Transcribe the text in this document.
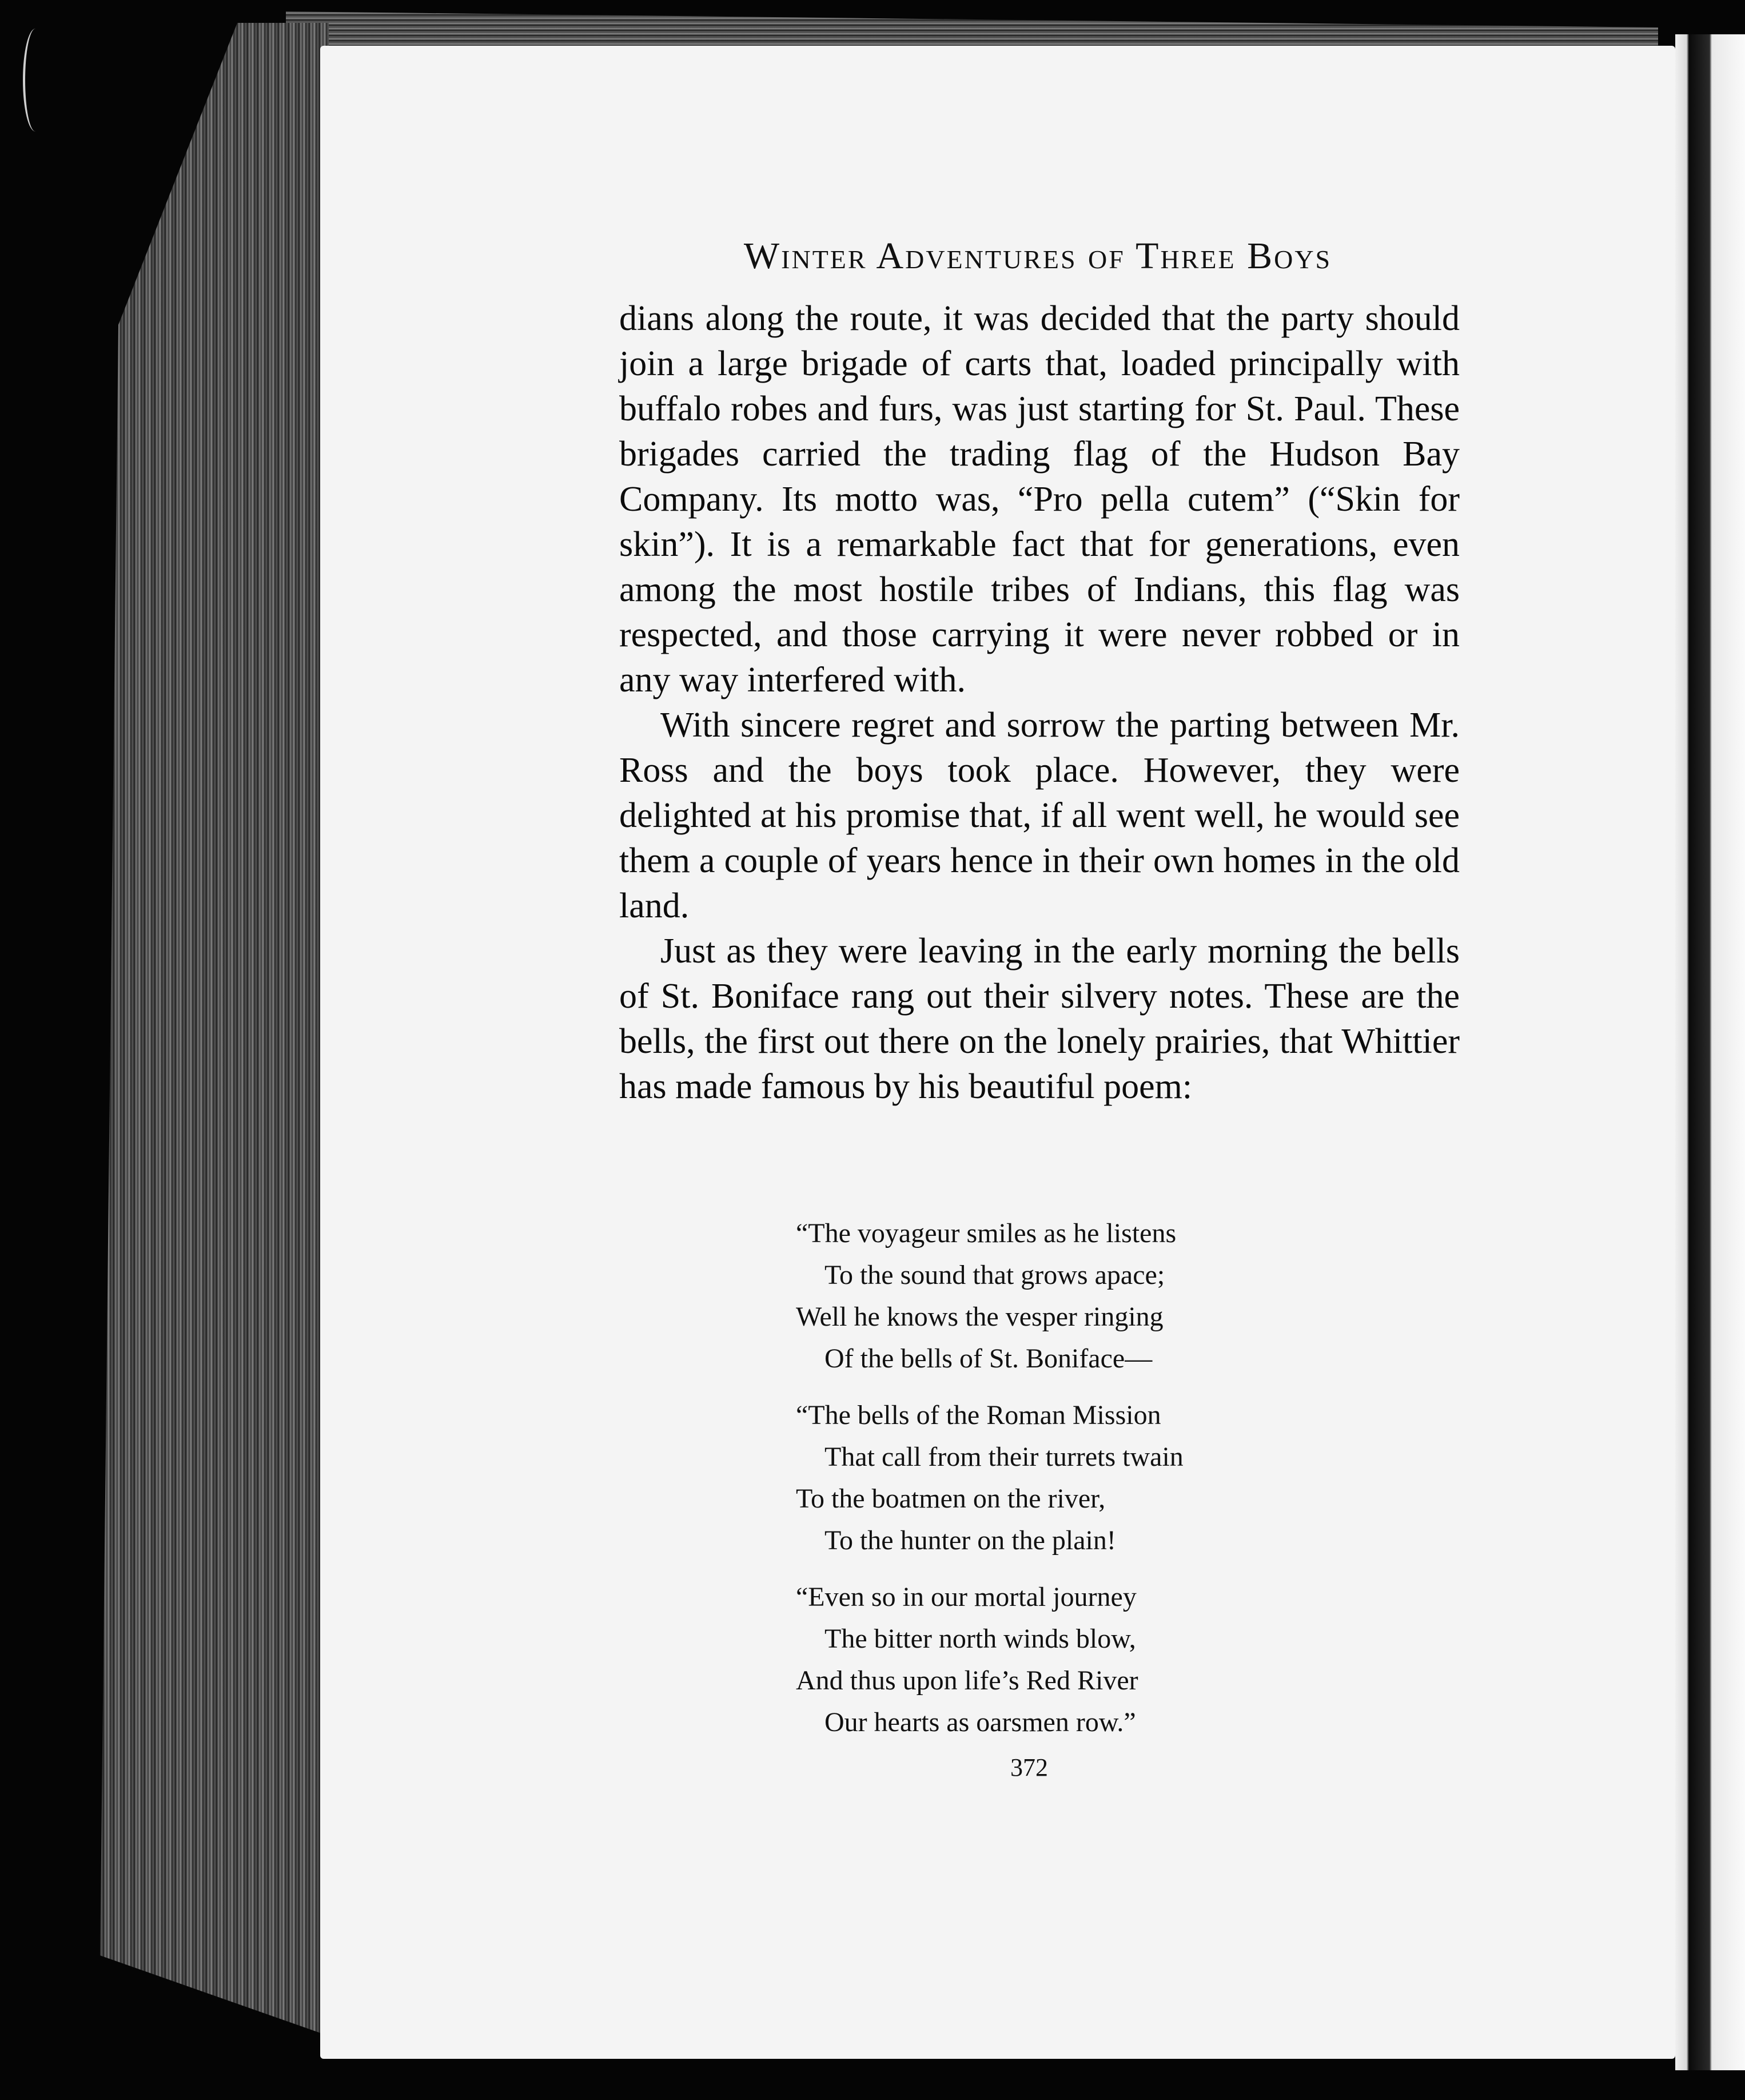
Winter Adventures of Three Boys

dians along the route, it was decided that the party should join a large brigade of carts that, loaded principally with buffalo robes and furs, was just starting for St. Paul. These brigades carried the trading flag of the Hudson Bay Company. Its motto was, “Pro pella cutem” (“Skin for skin”). It is a remarkable fact that for generations, even among the most hostile tribes of Indians, this flag was respected, and those carrying it were never robbed or in any way interfered with.

With sincere regret and sorrow the parting between Mr. Ross and the boys took place. However, they were delighted at his promise that, if all went well, he would see them a couple of years hence in their own homes in the old land.

Just as they were leaving in the early morning the bells of St. Boniface rang out their silvery notes. These are the bells, the first out there on the lonely prairies, that Whittier has made famous by his beautiful poem:

“The voyageur smiles as he listens
To the sound that grows apace;
Well he knows the vesper ringing
Of the bells of St. Boniface—
“The bells of the Roman Mission
That call from their turrets twain
To the boatmen on the river,
To the hunter on the plain!
“Even so in our mortal journey
The bitter north winds blow,
And thus upon life’s Red River
Our hearts as oarsmen row.”
372
